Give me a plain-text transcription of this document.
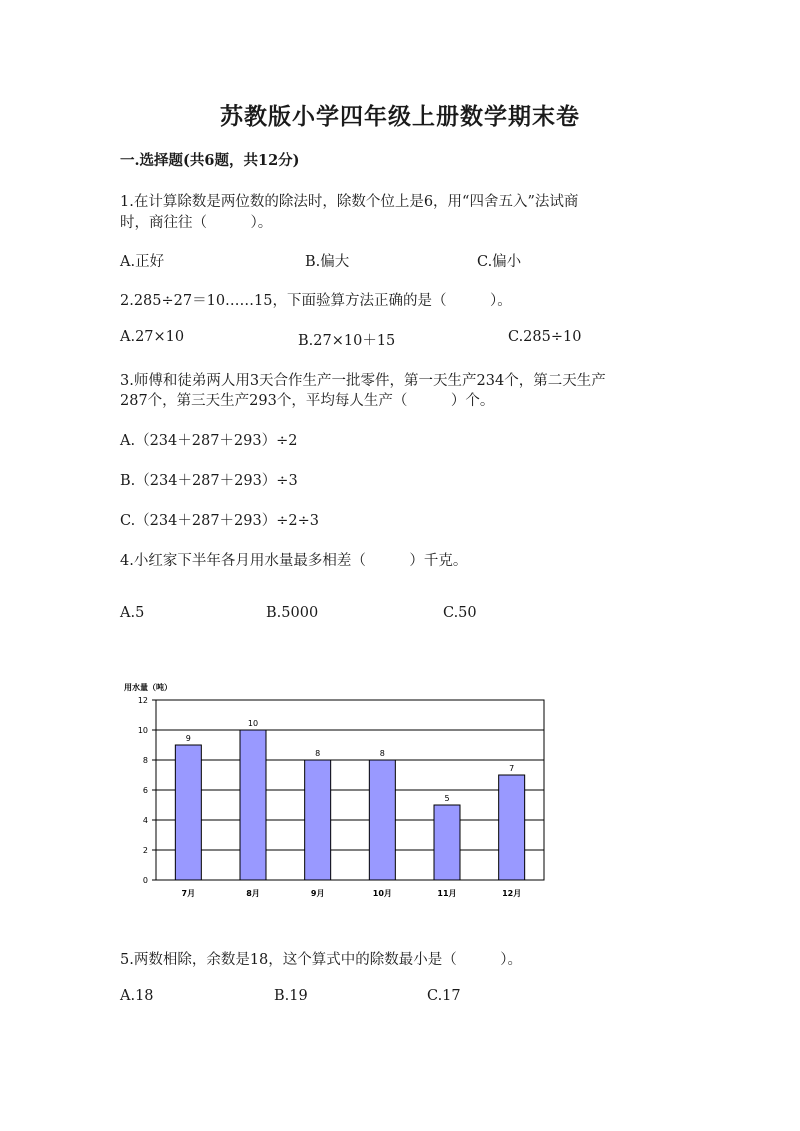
苏教版小学四年级上册数学期末卷
一.选择题(共6题，共12分)
1.在计算除数是两位数的除法时，除数个位上是6，用“四舍五入”法试商
时，商往往（　　　）。
A.正好	B.偏大	C.偏小
2.285÷27＝10……15，下面验算方法正确的是（　　　）。
A.27×10	B.27×10＋15	C.285÷10
3.师傅和徒弟两人用3天合作生产一批零件，第一天生产234个，第二天生产
287个，第三天生产293个，平均每人生产（　　　）个。
A.（234＋287＋293）÷2
B.（234＋287＋293）÷3
C.（234＋287＋293）÷2÷3
4.小红家下半年各月用水量最多相差（　　　）千克。
A.5	B.5000	C.50
用水量（吨）
0
2
4
6
8
10
12
9
7月
10
8月
8
9月
8
10月
5
11月
7
12月
5.两数相除，余数是18，这个算式中的除数最小是（　　　）。
A.18	B.19	C.17
